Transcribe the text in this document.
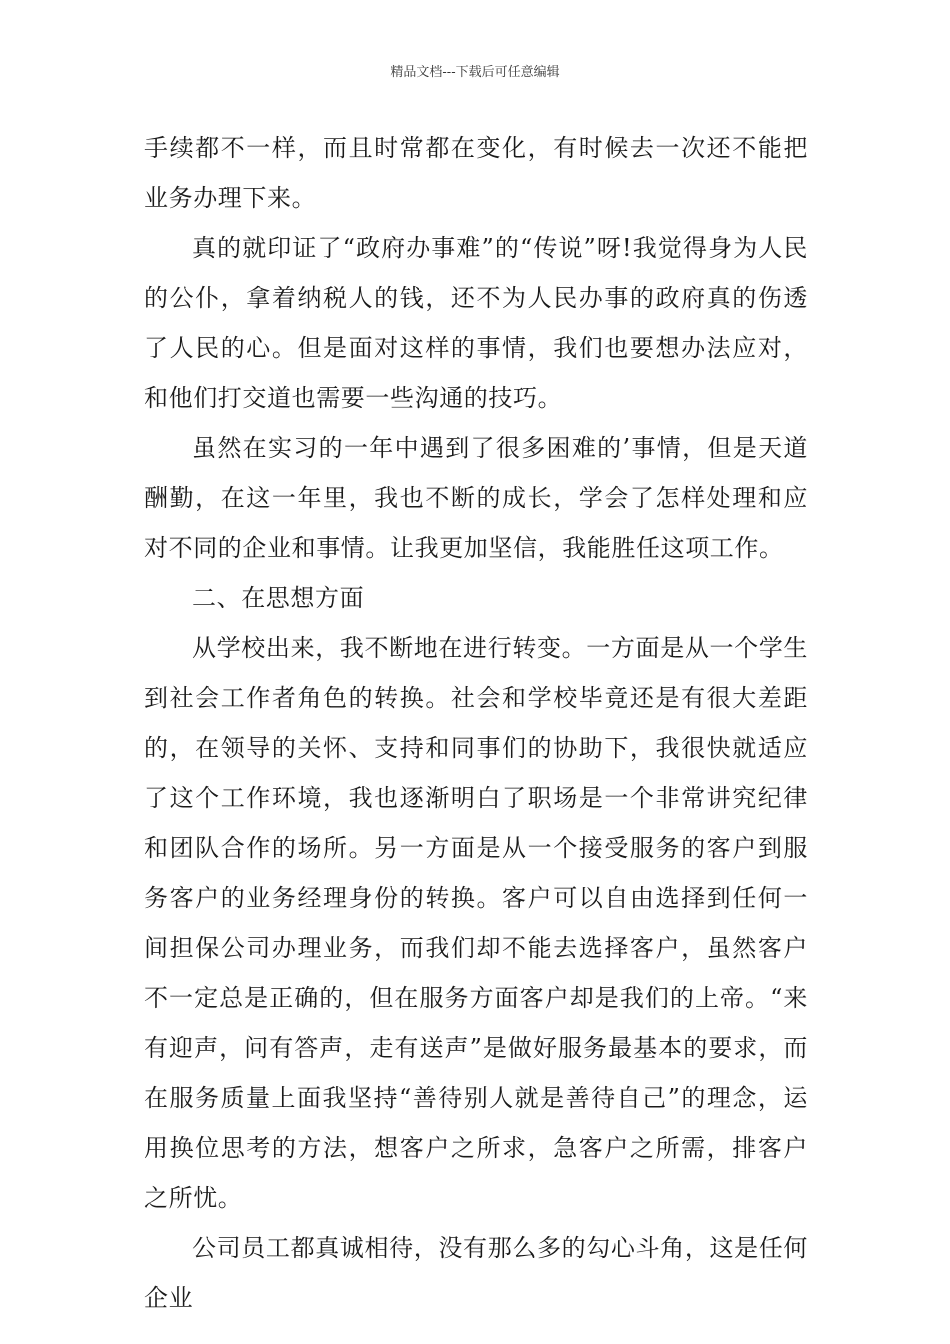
精品文档---下载后可任意编辑

手续都不一样，而且时常都在变化，有时候去一次还不能把业务办理下来。

真的就印证了“政府办事难”的“传说”呀!我觉得身为人民的公仆，拿着纳税人的钱，还不为人民办事的政府真的伤透了人民的心。但是面对这样的事情，我们也要想办法应对，和他们打交道也需要一些沟通的技巧。

虽然在实习的一年中遇到了很多困难的’事情，但是天道酬勤，在这一年里，我也不断的成长，学会了怎样处理和应对不同的企业和事情。让我更加坚信，我能胜任这项工作。

二、在思想方面

从学校出来，我不断地在进行转变。一方面是从一个学生到社会工作者角色的转换。社会和学校毕竟还是有很大差距的，在领导的关怀、支持和同事们的协助下，我很快就适应了这个工作环境，我也逐渐明白了职场是一个非常讲究纪律和团队合作的场所。另一方面是从一个接受服务的客户到服务客户的业务经理身份的转换。客户可以自由选择到任何一间担保公司办理业务，而我们却不能去选择客户，虽然客户不一定总是正确的，但在服务方面客户却是我们的上帝。“来有迎声，问有答声，走有送声”是做好服务最基本的要求，而在服务质量上面我坚持“善待别人就是善待自己”的理念，运用换位思考的方法，想客户之所求，急客户之所需，排客户之所忧。

公司员工都真诚相待，没有那么多的勾心斗角，这是任何企业
